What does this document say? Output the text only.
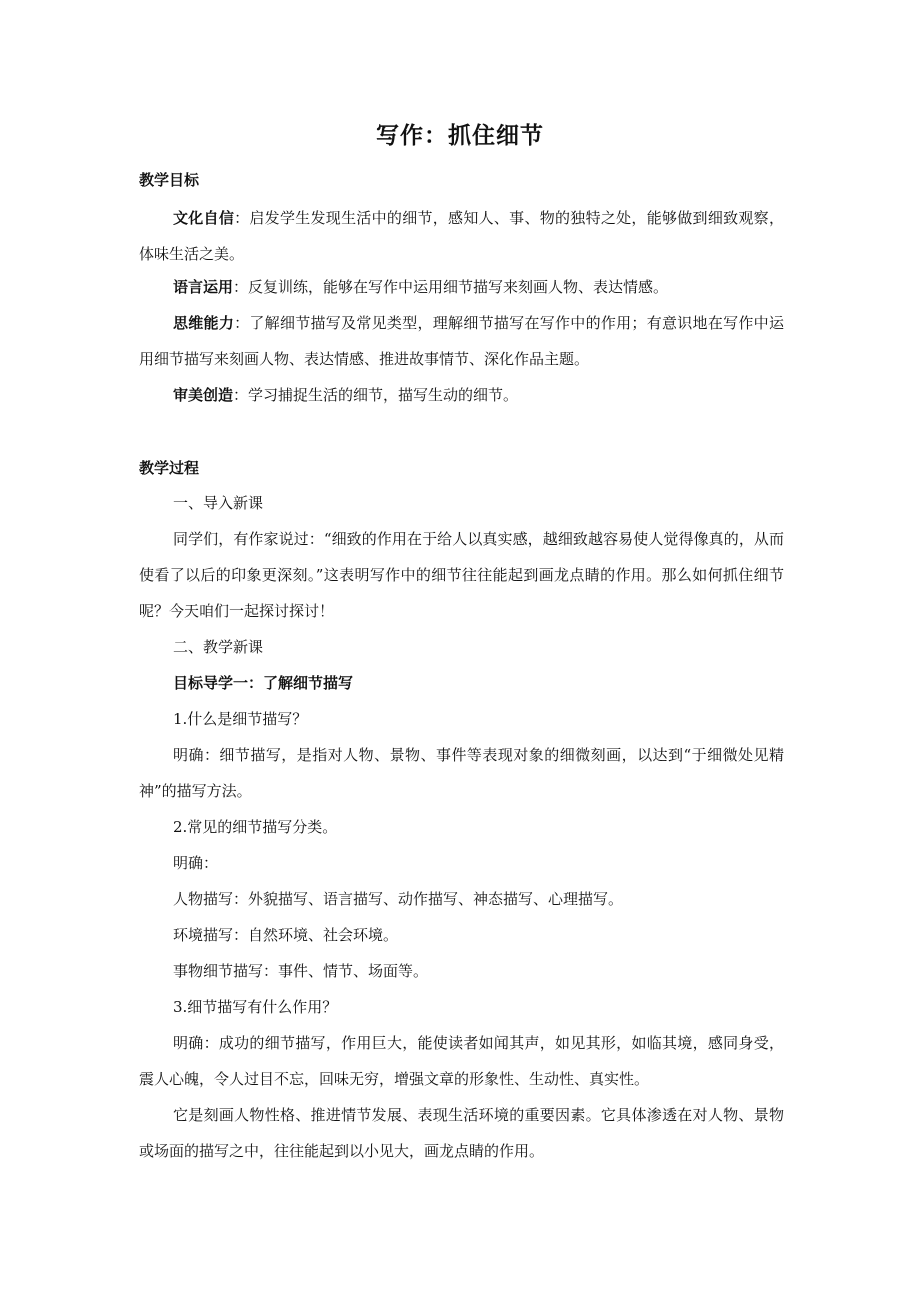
写作：抓住细节
教学目标

文化自信：启发学生发现生活中的细节，感知人、事、物的独特之处，能够做到细致观察，体味生活之美。

语言运用：反复训练，能够在写作中运用细节描写来刻画人物、表达情感。

思维能力：了解细节描写及常见类型，理解细节描写在写作中的作用；有意识地在写作中运用细节描写来刻画人物、表达情感、推进故事情节、深化作品主题。

审美创造：学习捕捉生活的细节，描写生动的细节。

教学过程

一、导入新课

同学们，有作家说过：“细致的作用在于给人以真实感，越细致越容易使人觉得像真的，从而使看了以后的印象更深刻。”这表明写作中的细节往往能起到画龙点睛的作用。那么如何抓住细节呢？今天咱们一起探讨探讨！

二、教学新课

目标导学一：了解细节描写

1.什么是细节描写？

明确：细节描写，是指对人物、景物、事件等表现对象的细微刻画，以达到“于细微处见精神”的描写方法。

2.常见的细节描写分类。

明确：

人物描写：外貌描写、语言描写、动作描写、神态描写、心理描写。

环境描写：自然环境、社会环境。

事物细节描写：事件、情节、场面等。

3.细节描写有什么作用？

明确：成功的细节描写，作用巨大，能使读者如闻其声，如见其形，如临其境，感同身受，震人心魄，令人过目不忘，回味无穷，增强文章的形象性、生动性、真实性。

它是刻画人物性格、推进情节发展、表现生活环境的重要因素。它具体渗透在对人物、景物或场面的描写之中，往往能起到以小见大，画龙点睛的作用。
